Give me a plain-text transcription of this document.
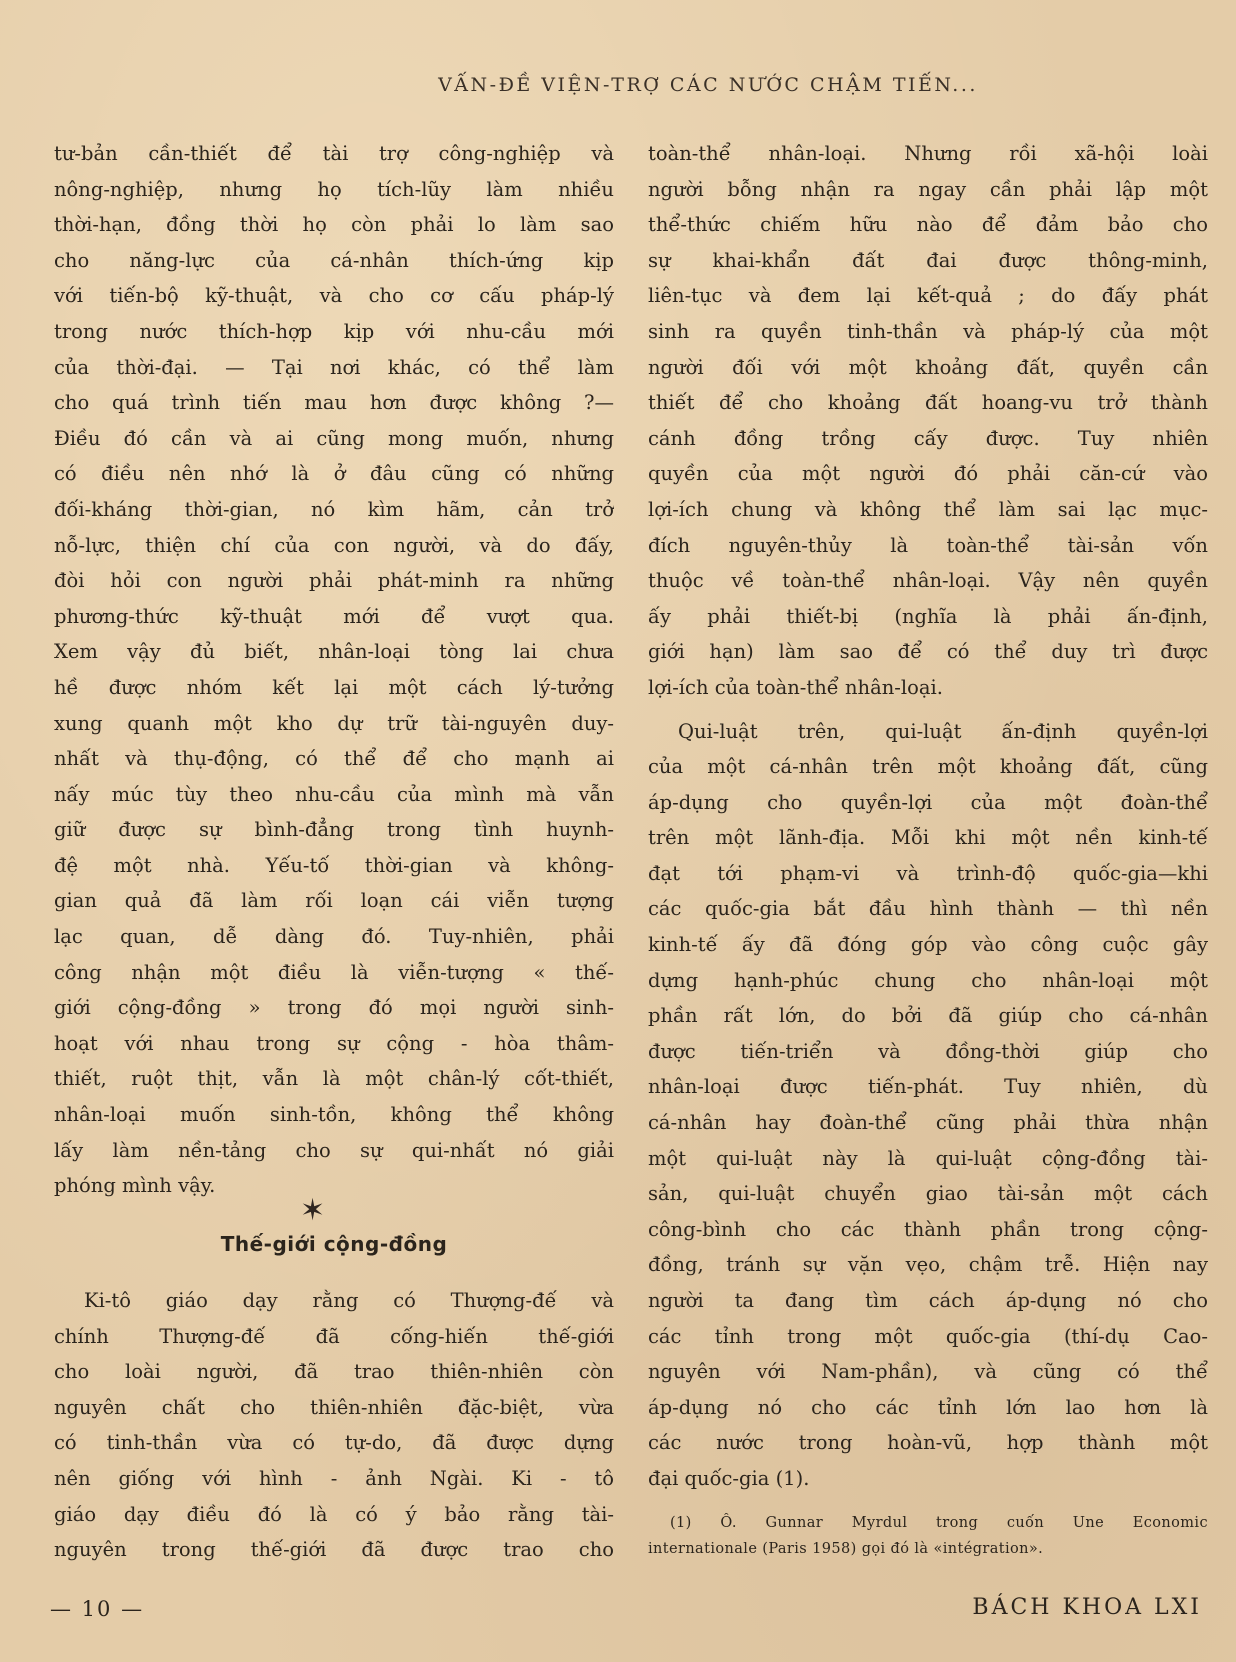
VẤN-ĐỀ VIỆN-TRỢ CÁC NƯỚC CHẬM TIẾN...
tư-bản cần-thiết để tài trợ công-nghiệp và
nông-nghiệp, nhưng họ tích-lũy làm nhiều
thời-hạn, đồng thời họ còn phải lo làm sao
cho năng-lực của cá-nhân thích-ứng kịp
với tiến-bộ kỹ-thuật, và cho cơ cấu pháp-lý
trong nước thích-hợp kịp với nhu-cầu mới
của thời-đại. — Tại nơi khác, có thể làm
cho quá trình tiến mau hơn được không ?—
Điều đó cần và ai cũng mong muốn, nhưng
có điều nên nhớ là ở đâu cũng có những
đối-kháng thời-gian, nó kìm hãm, cản trở
nỗ-lực, thiện chí của con người, và do đấy,
đòi hỏi con người phải phát-minh ra những
phương-thức kỹ-thuật mới để vượt qua.
Xem vậy đủ biết, nhân-loại tòng lai chưa
hề được nhóm kết lại một cách lý-tưởng
xung quanh một kho dự trữ tài-nguyên duy-
nhất và thụ-động, có thể để cho mạnh ai
nấy múc tùy theo nhu-cầu của mình mà vẫn
giữ được sự bình-đẳng trong tình huynh-
đệ một nhà. Yếu-tố thời-gian và không-
gian quả đã làm rối loạn cái viễn tượng
lạc quan, dễ dàng đó. Tuy-nhiên, phải
công nhận một điều là viễn-tượng « thế-
giới cộng-đồng » trong đó mọi người sinh-
hoạt với nhau trong sự cộng - hòa thâm-
thiết, ruột thịt, vẫn là một chân-lý cốt-thiết,
nhân-loại muốn sinh-tồn, không thể không
lấy làm nền-tảng cho sự qui-nhất nó giải
phóng mình vậy.
✶
Thế-giới cộng-đồng
Ki-tô giáo dạy rằng có Thượng-đế và
chính Thượng-đế đã cống-hiến thế-giới
cho loài người, đã trao thiên-nhiên còn
nguyên chất cho thiên-nhiên đặc-biệt, vừa
có tinh-thần vừa có tự-do, đã được dựng
nên giống với hình - ảnh Ngài. Ki - tô
giáo dạy điều đó là có ý bảo rằng tài-
nguyên trong thế-giới đã được trao cho
toàn-thể nhân-loại. Nhưng rồi xã-hội loài
người bỗng nhận ra ngay cần phải lập một
thể-thức chiếm hữu nào để đảm bảo cho
sự khai-khẩn đất đai được thông-minh,
liên-tục và đem lại kết-quả ; do đấy phát
sinh ra quyền tinh-thần và pháp-lý của một
người đối với một khoảng đất, quyền cần
thiết để cho khoảng đất hoang-vu trở thành
cánh đồng trồng cấy được. Tuy nhiên
quyền của một người đó phải căn-cứ vào
lợi-ích chung và không thể làm sai lạc mục-
đích nguyên-thủy là toàn-thể tài-sản vốn
thuộc về toàn-thể nhân-loại. Vậy nên quyền
ấy phải thiết-bị (nghĩa là phải ấn-định,
giới hạn) làm sao để có thể duy trì được
lợi-ích của toàn-thể nhân-loại.
Qui-luật trên, qui-luật ấn-định quyền-lợi
của một cá-nhân trên một khoảng đất, cũng
áp-dụng cho quyền-lợi của một đoàn-thể
trên một lãnh-địa. Mỗi khi một nền kinh-tế
đạt tới phạm-vi và trình-độ quốc-gia—khi
các quốc-gia bắt đầu hình thành — thì nền
kinh-tế ấy đã đóng góp vào công cuộc gây
dựng hạnh-phúc chung cho nhân-loại một
phần rất lớn, do bởi đã giúp cho cá-nhân
được tiến-triển và đồng-thời giúp cho
nhân-loại được tiến-phát. Tuy nhiên, dù
cá-nhân hay đoàn-thể cũng phải thừa nhận
một qui-luật này là qui-luật cộng-đồng tài-
sản, qui-luật chuyển giao tài-sản một cách
công-bình cho các thành phần trong cộng-
đồng, tránh sự vặn vẹo, chậm trễ. Hiện nay
người ta đang tìm cách áp-dụng nó cho
các tỉnh trong một quốc-gia (thí-dụ Cao-
nguyên với Nam-phần), và cũng có thể
áp-dụng nó cho các tỉnh lớn lao hơn là
các nước trong hoàn-vũ, hợp thành một
đại quốc-gia (1).
(1) Ô. Gunnar Myrdul trong cuốn Une Economic
internationale (Paris 1958) gọi đó là «intégration».
— 10 —	BÁCH KHOA LXI
